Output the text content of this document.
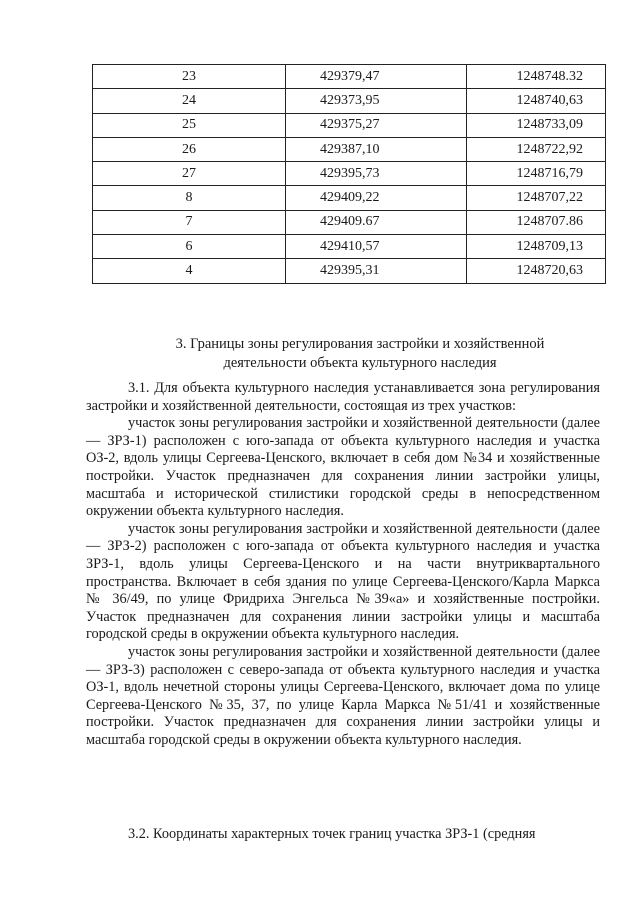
23	429379,47	1248748.32
24	429373,95	1248740,63
25	429375,27	1248733,09
26	429387,10	1248722,92
27	429395,73	1248716,79
8	429409,22	1248707,22
7	429409.67	1248707.86
6	429410,57	1248709,13
4	429395,31	1248720,63
3. Границы зоны регулирования застройки и хозяйственной
деятельности объекта культурного наследия

3.1. Для объекта культурного наследия устанавливается зона регулирования застройки и хозяйственной деятельности, состоящая из трех участков:

участок зоны регулирования застройки и хозяйственной деятельности (далее — ЗРЗ-1) расположен с юго-запада от объекта культурного наследия и участка ОЗ-2, вдоль улицы Сергеева-Ценского, включает в себя дом №34 и хозяйственные постройки. Участок предназначен для сохранения линии застройки улицы, масштаба и исторической стилистики городской среды в непосредственном окружении объекта культурного наследия.

участок зоны регулирования застройки и хозяйственной деятельности (далее — ЗРЗ-2) расположен с юго-запада от объекта культурного наследия и участка ЗРЗ-1, вдоль улицы Сергеева-Ценского и на части внутриквартального пространства. Включает в себя здания по улице Сергеева-Ценского/Карла Маркса № 36/49, по улице Фридриха Энгельса №39«а» и хозяйственные постройки. Участок предназначен для сохранения линии застройки улицы и масштаба городской среды в окружении объекта культурного наследия.

участок зоны регулирования застройки и хозяйственной деятельности (далее — ЗРЗ-3) расположен с северо-запада от объекта культурного наследия и участка ОЗ-1, вдоль нечетной стороны улицы Сергеева-Ценского, включает дома по улице Сергеева-Ценского №35, 37, по улице Карла Маркса №51/41 и хозяйственные постройки. Участок предназначен для сохранения линии застройки улицы и масштаба городской среды в окружении объекта культурного наследия.

3.2. Координаты характерных точек границ участка ЗРЗ-1 (средняя
